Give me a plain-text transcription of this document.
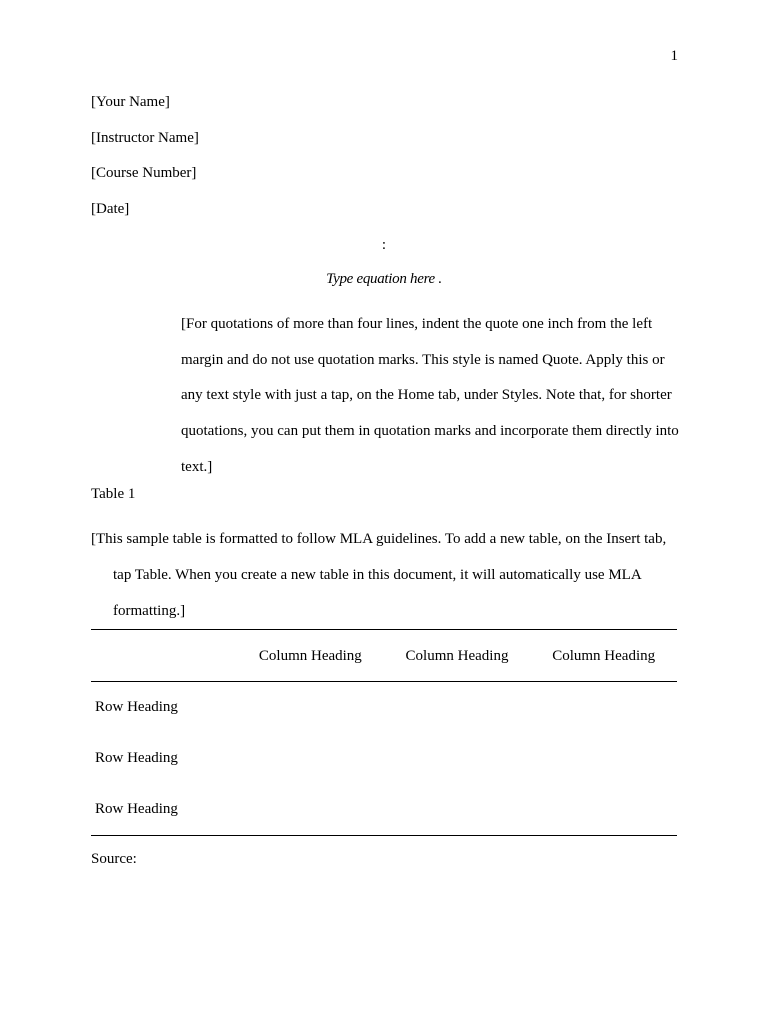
1
[Your Name]
[Instructor Name]
[Course Number]
[Date]
:
Type equation here .
[For quotations of more than four lines, indent the quote one inch from the left margin and do not use quotation marks. This style is named Quote. Apply this or any text style with just a tap, on the Home tab, under Styles. Note that, for shorter quotations, you can put them in quotation marks and incorporate them directly into text.]
Table 1
[This sample table is formatted to follow MLA guidelines. To add a new table, on the Insert tab, tap Table. When you create a new table in this document, it will automatically use MLA formatting.]
	Column Heading	Column Heading	Column Heading
Row Heading			
Row Heading			
Row Heading			
Source:
